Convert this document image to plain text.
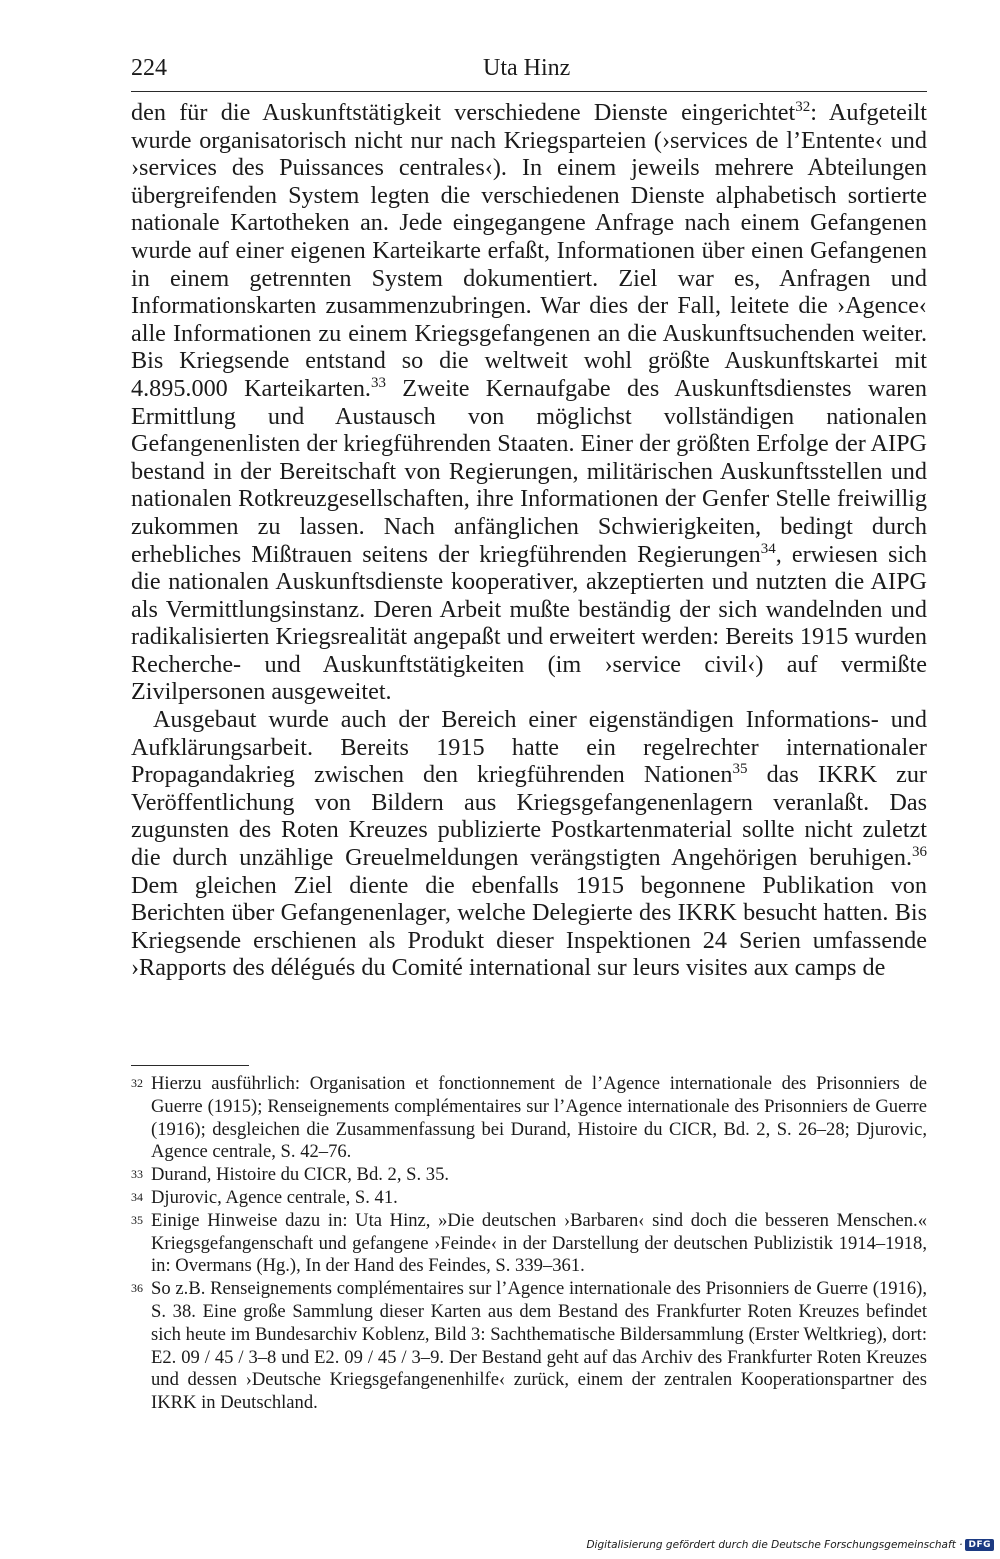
224	Uta Hinz

den für die Auskunftstätigkeit verschiedene Dienste eingerichtet$^{32}$: Aufgeteilt wurde organisatorisch nicht nur nach Kriegsparteien (›services de l’Entente‹ und ›services des Puissances centrales‹). In einem jeweils mehrere Abteilungen übergreifenden System legten die verschiedenen Dienste alphabetisch sortierte nationale Kartotheken an. Jede eingegangene Anfrage nach einem Gefangenen wurde auf einer eigenen Karteikarte erfaßt, Informationen über einen Gefangenen in einem getrennten System dokumentiert. Ziel war es, Anfragen und Informationskarten zusammenzubringen. War dies der Fall, leitete die ›Agence‹ alle Informationen zu einem Kriegsgefangenen an die Auskunftsuchenden weiter. Bis Kriegsende entstand so die weltweit wohl größte Auskunftskartei mit 4.895.000 Karteikarten.$^{33}$ Zweite Kernaufgabe des Auskunftsdienstes waren Ermittlung und Austausch von möglichst vollständigen nationalen Gefangenenlisten der kriegführenden Staaten. Einer der größten Erfolge der AIPG bestand in der Bereitschaft von Regierungen, militärischen Auskunftsstellen und nationalen Rotkreuzgesellschaften, ihre Informationen der Genfer Stelle freiwillig zukommen zu lassen. Nach anfänglichen Schwierigkeiten, bedingt durch erhebliches Mißtrauen seitens der kriegführenden Regierungen$^{34}$, erwiesen sich die nationalen Auskunftsdienste kooperativer, akzeptierten und nutzten die AIPG als Vermittlungsinstanz. Deren Arbeit mußte beständig der sich wandelnden und radikalisierten Kriegsrealität angepaßt und erweitert werden: Bereits 1915 wurden Recherche- und Auskunftstätigkeiten (im ›service civil‹) auf vermißte Zivilpersonen ausgeweitet.

Ausgebaut wurde auch der Bereich einer eigenständigen Informations- und Aufklärungsarbeit. Bereits 1915 hatte ein regelrechter internationaler Propagandakrieg zwischen den kriegführenden Nationen$^{35}$ das IKRK zur Veröffentlichung von Bildern aus Kriegsgefangenenlagern veranlaßt. Das zugunsten des Roten Kreuzes publizierte Postkartenmaterial sollte nicht zuletzt die durch unzählige Greuelmeldungen verängstigten Angehörigen beruhigen.$^{36}$ Dem gleichen Ziel diente die ebenfalls 1915 begonnene Publikation von Berichten über Gefangenenlager, welche Delegierte des IKRK besucht hatten. Bis Kriegsende erschienen als Produkt dieser Inspektionen 24 Serien umfassende ›Rapports des délégués du Comité international sur leurs visites aux camps de

32 Hierzu ausführlich: Organisation et fonctionnement de l’Agence internationale des Prisonniers de Guerre (1915); Renseignements complémentaires sur l’Agence internationale des Prisonniers de Guerre (1916); desgleichen die Zusammenfassung bei Durand, Histoire du CICR, Bd. 2, S. 26–28; Djurovic, Agence centrale, S. 42–76.
33 Durand, Histoire du CICR, Bd. 2, S. 35.
34 Djurovic, Agence centrale, S. 41.
35 Einige Hinweise dazu in: Uta Hinz, »Die deutschen ›Barbaren‹ sind doch die besseren Menschen.« Kriegsgefangenschaft und gefangene ›Feinde‹ in der Darstellung der deutschen Publizistik 1914–1918, in: Overmans (Hg.), In der Hand des Feindes, S. 339–361.
36 So z.B. Renseignements complémentaires sur l’Agence internationale des Prisonniers de Guerre (1916), S. 38. Eine große Sammlung dieser Karten aus dem Bestand des Frankfurter Roten Kreuzes befindet sich heute im Bundesarchiv Koblenz, Bild 3: Sachthematische Bildersammlung (Erster Weltkrieg), dort: E2. 09 / 45 / 3–8 und E2. 09 / 45 / 3–9. Der Bestand geht auf das Archiv des Frankfurter Roten Kreuzes und dessen ›Deutsche Kriegsgefangenenhilfe‹ zurück, einem der zentralen Kooperationspartner des IKRK in Deutschland.
Digitalisierung gefördert durch die Deutsche Forschungsgemeinschaft · DFG
